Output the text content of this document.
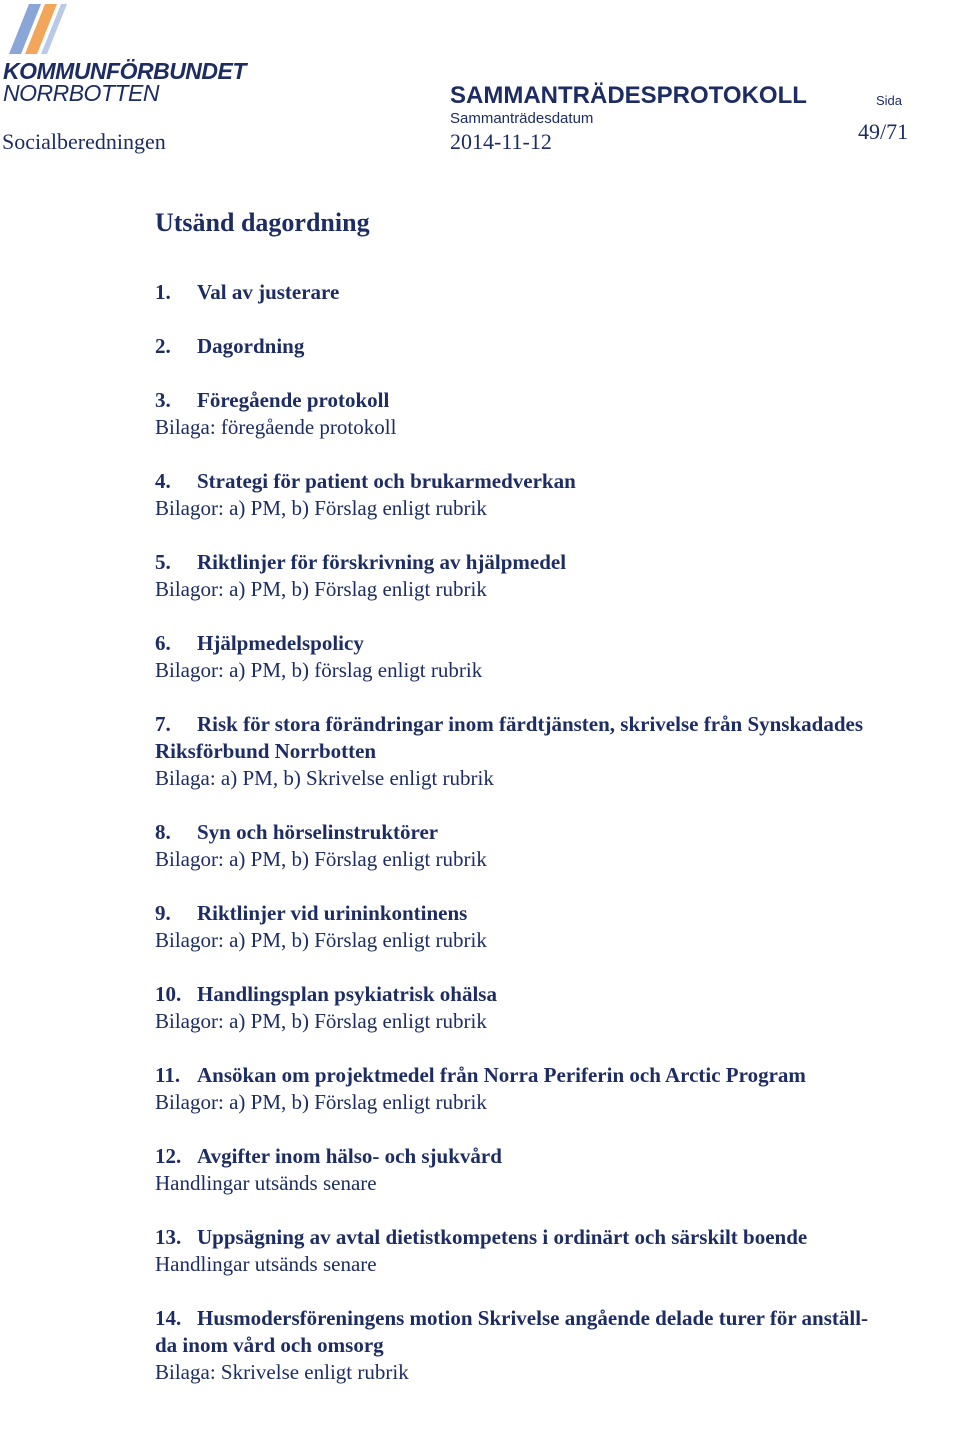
KOMMUNFÖRBUNDET
NORRBOTTEN	SAMMANTRÄDESPROTOKOLL
Sammanträdesdatum
Sida
Socialberedningen	2014-11-12	49/71
Utsänd dagordning
1.	Val av justerare
2.	Dagordning
3.	Föregående protokoll
Bilaga: föregående protokoll
4.	Strategi för patient och brukarmedverkan
Bilagor: a) PM, b) Förslag enligt rubrik
5.	Riktlinjer för förskrivning av hjälpmedel
Bilagor: a) PM, b) Förslag enligt rubrik
6.	Hjälpmedelspolicy
Bilagor: a) PM, b) förslag enligt rubrik
7.	Risk för stora förändringar inom färdtjänsten, skrivelse från Synskadades
Riksförbund Norrbotten
Bilaga: a) PM, b) Skrivelse enligt rubrik
8.	Syn och hörselinstruktörer
Bilagor: a) PM, b) Förslag enligt rubrik
9.	Riktlinjer vid urininkontinens
Bilagor: a) PM, b) Förslag enligt rubrik
10. Handlingsplan psykiatrisk ohälsa
Bilagor: a) PM, b) Förslag enligt rubrik
11. Ansökan om projektmedel från Norra Periferin och Arctic Program
Bilagor: a) PM, b) Förslag enligt rubrik
12. Avgifter inom hälso- och sjukvård
Handlingar utsänds senare
13. Uppsägning av avtal dietistkompetens i ordinärt och särskilt boende
Handlingar utsänds senare
14. Husmodersföreningens motion Skrivelse angående delade turer för anställ-
da inom vård och omsorg
Bilaga: Skrivelse enligt rubrik
